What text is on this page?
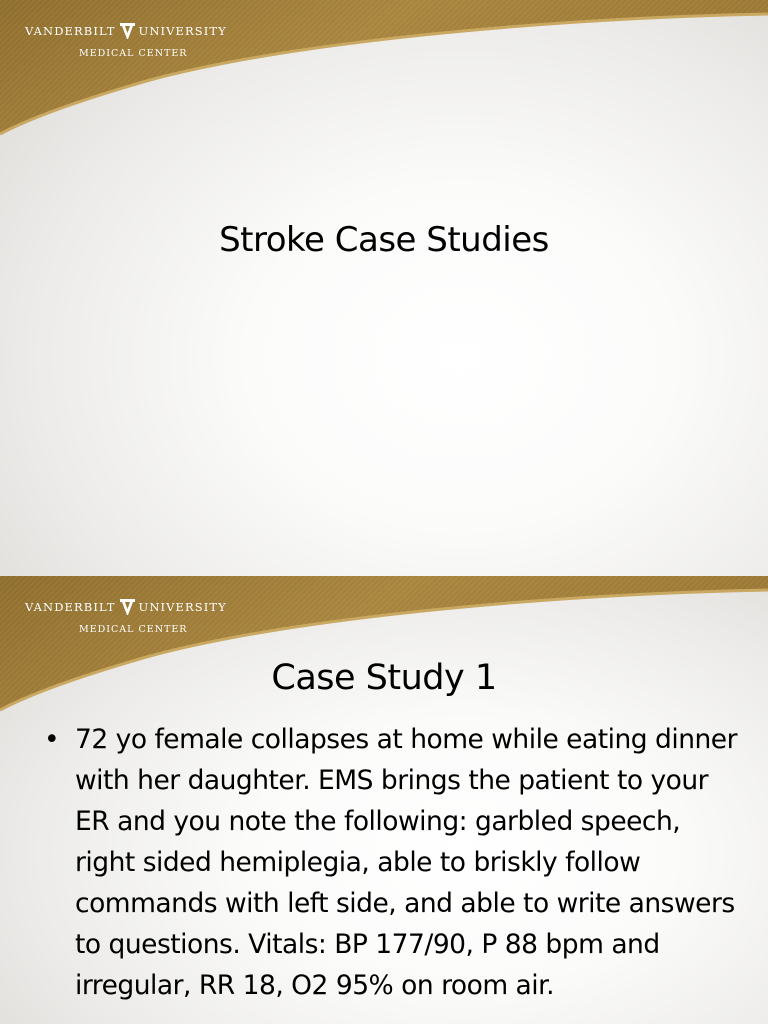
VANDERBILT UNIVERSITY
MEDICAL CENTER
Stroke Case Studies
VANDERBILT UNIVERSITY
MEDICAL CENTER
Case Study 1
• 72 yo female collapses at home while eating dinner with her daughter. EMS brings the patient to your ER and you note the following: garbled speech, right sided hemiplegia, able to briskly follow commands with left side, and able to write answers to questions. Vitals: BP 177/90, P 88 bpm and irregular, RR 18, O2 95% on room air.
